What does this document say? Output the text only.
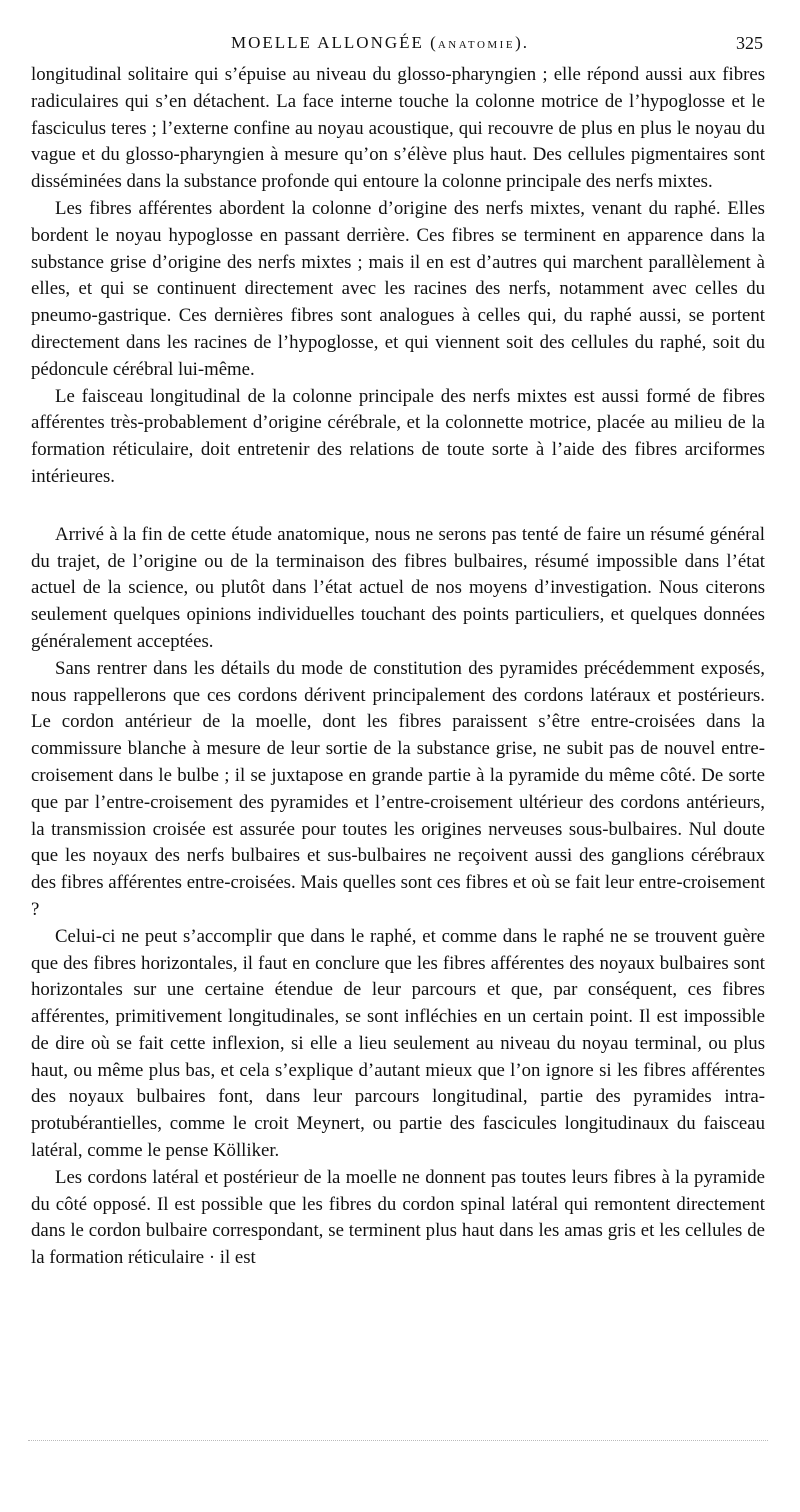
MOELLE ALLONGÉE (ANATOMIE).	325

longitudinal solitaire qui s’épuise au niveau du glosso-pharyngien ; elle répond aussi aux fibres radiculaires qui s’en détachent. La face interne touche la colonne motrice de l’hypoglosse et le fasciculus teres ; l’externe confine au noyau acoustique, qui recouvre de plus en plus le noyau du vague et du glosso-pharyngien à mesure qu’on s’élève plus haut. Des cellules pigmentaires sont disséminées dans la substance profonde qui entoure la colonne principale des nerfs mixtes.

Les fibres afférentes abordent la colonne d’origine des nerfs mixtes, venant du raphé. Elles bordent le noyau hypoglosse en passant derrière. Ces fibres se terminent en apparence dans la substance grise d’origine des nerfs mixtes ; mais il en est d’autres qui marchent parallèlement à elles, et qui se continuent directement avec les racines des nerfs, notamment avec celles du pneumo-gastrique. Ces dernières fibres sont analogues à celles qui, du raphé aussi, se portent directement dans les racines de l’hypoglosse, et qui viennent soit des cellules du raphé, soit du pédoncule cérébral lui-même.

Le faisceau longitudinal de la colonne principale des nerfs mixtes est aussi formé de fibres afférentes très-probablement d’origine cérébrale, et la colonnette motrice, placée au milieu de la formation réticulaire, doit entretenir des relations de toute sorte à l’aide des fibres arciformes intérieures.

Arrivé à la fin de cette étude anatomique, nous ne serons pas tenté de faire un résumé général du trajet, de l’origine ou de la terminaison des fibres bulbaires, résumé impossible dans l’état actuel de la science, ou plutôt dans l’état actuel de nos moyens d’investigation. Nous citerons seulement quelques opinions individuelles touchant des points particuliers, et quelques données généralement acceptées.

Sans rentrer dans les détails du mode de constitution des pyramides précédemment exposés, nous rappellerons que ces cordons dérivent principalement des cordons latéraux et postérieurs. Le cordon antérieur de la moelle, dont les fibres paraissent s’être entre-croisées dans la commissure blanche à mesure de leur sortie de la substance grise, ne subit pas de nouvel entre-croisement dans le bulbe ; il se juxtapose en grande partie à la pyramide du même côté. De sorte que par l’entre-croisement des pyramides et l’entre-croisement ultérieur des cordons antérieurs, la transmission croisée est assurée pour toutes les origines nerveuses sous-bulbaires. Nul doute que les noyaux des nerfs bulbaires et sus-bulbaires ne reçoivent aussi des ganglions cérébraux des fibres afférentes entre-croisées. Mais quelles sont ces fibres et où se fait leur entre-croisement ?

Celui-ci ne peut s’accomplir que dans le raphé, et comme dans le raphé ne se trouvent guère que des fibres horizontales, il faut en conclure que les fibres afférentes des noyaux bulbaires sont horizontales sur une certaine étendue de leur parcours et que, par conséquent, ces fibres afférentes, primitivement longitudinales, se sont infléchies en un certain point. Il est impossible de dire où se fait cette inflexion, si elle a lieu seulement au niveau du noyau terminal, ou plus haut, ou même plus bas, et cela s’explique d’autant mieux que l’on ignore si les fibres afférentes des noyaux bulbaires font, dans leur parcours longitudinal, partie des pyramides intra-protubérantielles, comme le croit Meynert, ou partie des fascicules longitudinaux du faisceau latéral, comme le pense Kölliker.

Les cordons latéral et postérieur de la moelle ne donnent pas toutes leurs fibres à la pyramide du côté opposé. Il est possible que les fibres du cordon spinal latéral qui remontent directement dans le cordon bulbaire correspondant, se terminent plus haut dans les amas gris et les cellules de la formation réticulaire · il est
